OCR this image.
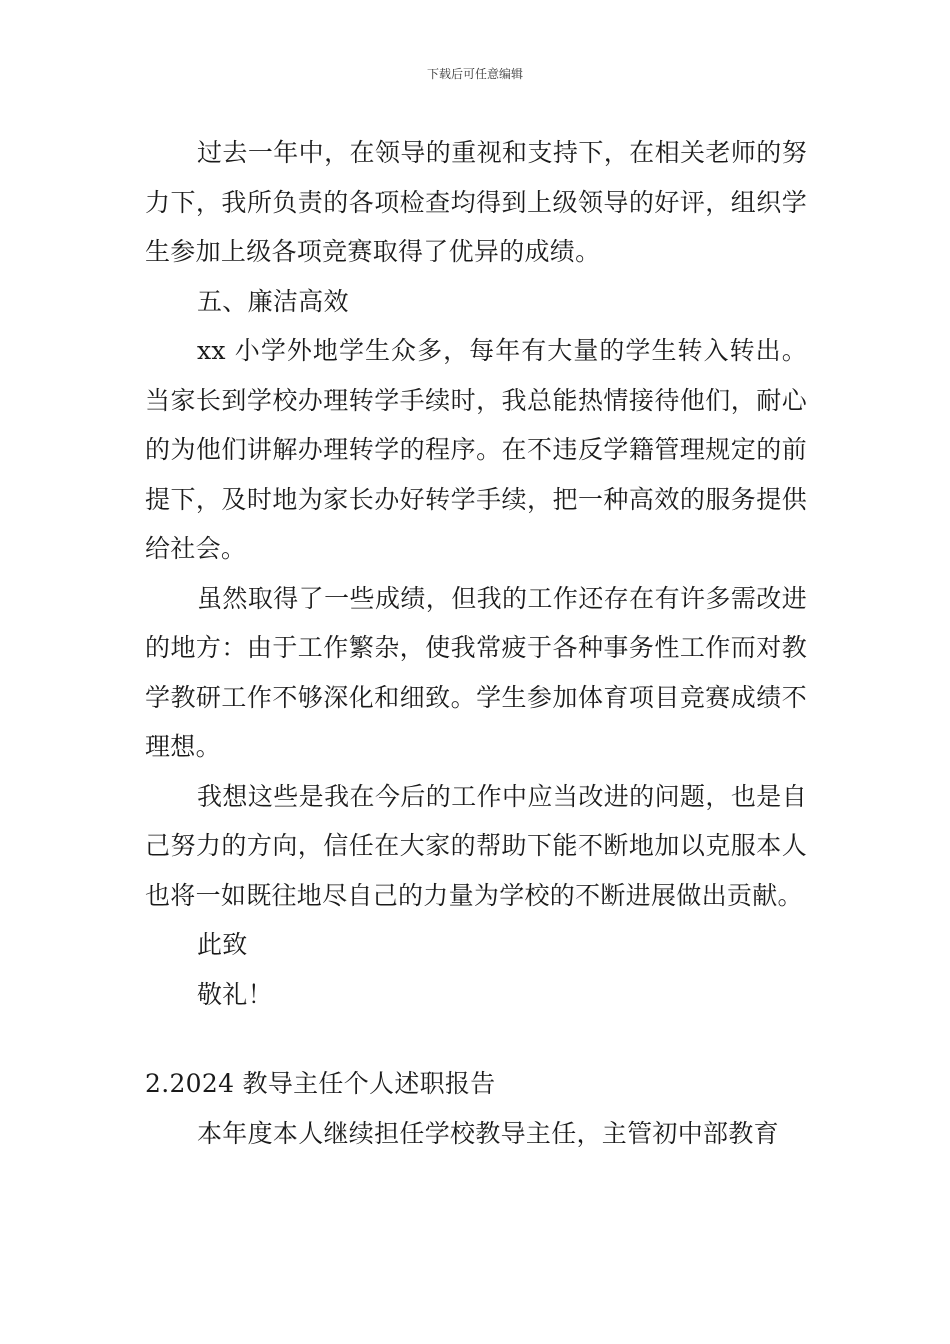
下载后可任意编辑

过去一年中，在领导的重视和支持下，在相关老师的努力下，我所负责的各项检查均得到上级领导的好评，组织学生参加上级各项竞赛取得了优异的成绩。

五、廉洁高效

xx 小学外地学生众多，每年有大量的学生转入转出。当家长到学校办理转学手续时，我总能热情接待他们，耐心的为他们讲解办理转学的程序。在不违反学籍管理规定的前提下，及时地为家长办好转学手续，把一种高效的服务提供给社会。

虽然取得了一些成绩，但我的工作还存在有许多需改进的地方：由于工作繁杂，使我常疲于各种事务性工作而对教学教研工作不够深化和细致。学生参加体育项目竞赛成绩不理想。

我想这些是我在今后的工作中应当改进的问题，也是自己努力的方向，信任在大家的帮助下能不断地加以克服本人也将一如既往地尽自己的力量为学校的不断进展做出贡献。

此致

敬礼！

2.2024 教导主任个人述职报告

本年度本人继续担任学校教导主任，主管初中部教育
